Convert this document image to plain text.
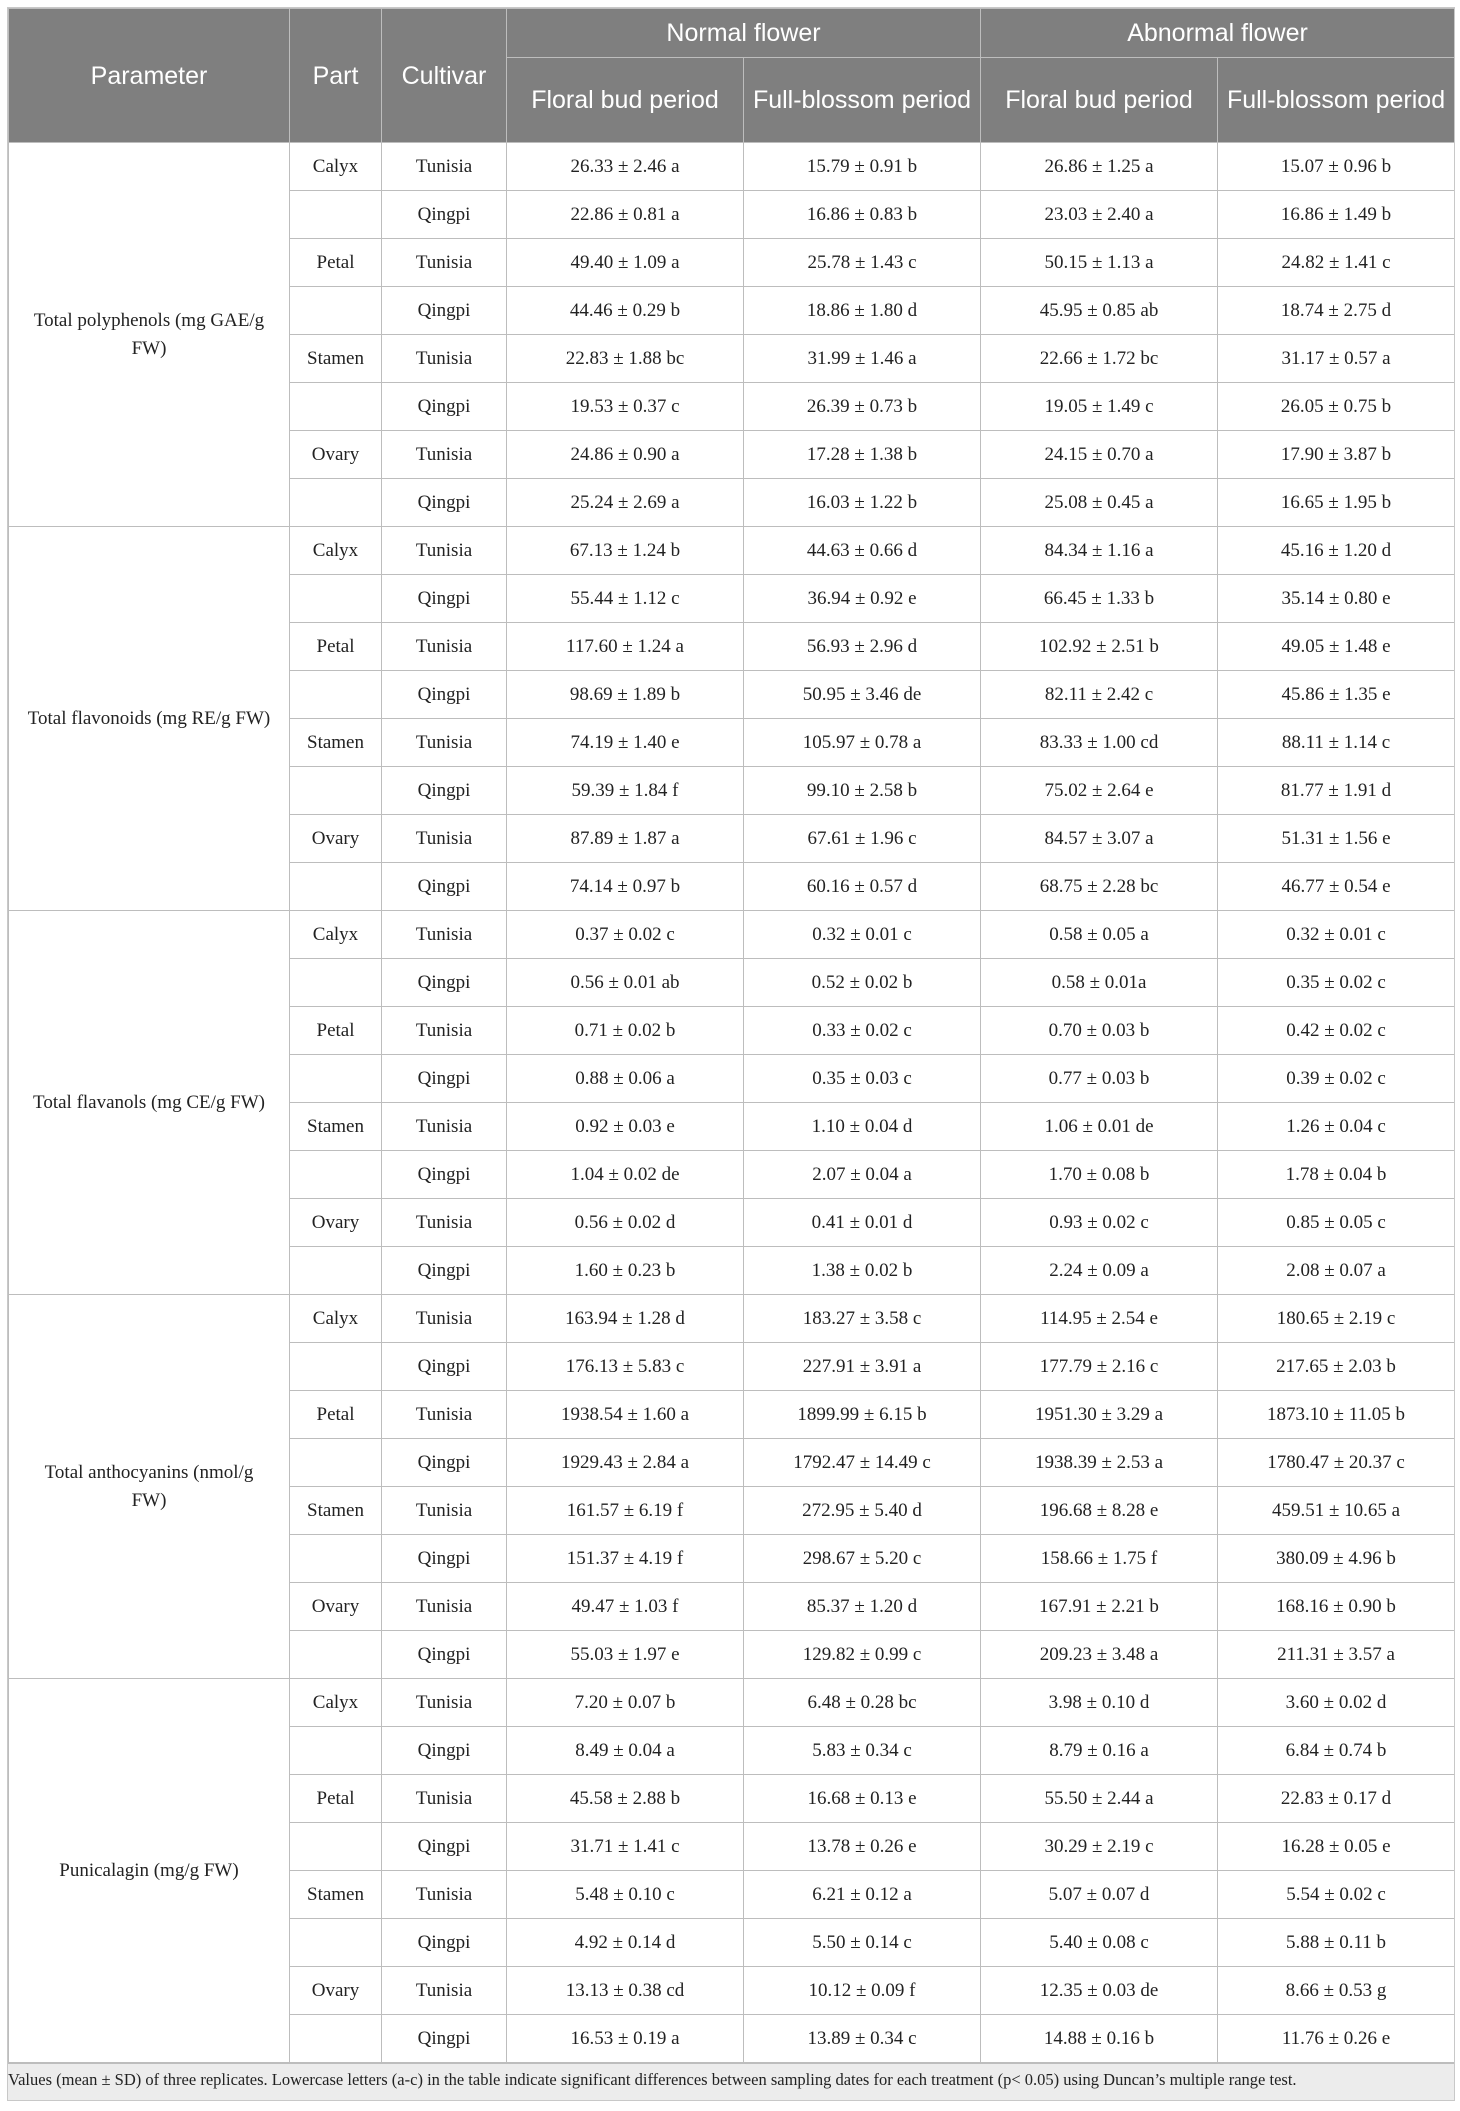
Parameter	Part	Cultivar	Normal flower		Abnormal flower	
			Floral bud period	Full-blossom period	Floral bud period	Full-blossom period
Total polyphenols (mg GAE/g FW)	Calyx	Tunisia	26.33 ± 2.46 a	15.79 ± 0.91 b	26.86 ± 1.25 a	15.07 ± 0.96 b
		Qingpi	22.86 ± 0.81 a	16.86 ± 0.83 b	23.03 ± 2.40 a	16.86 ± 1.49 b
	Petal	Tunisia	49.40 ± 1.09 a	25.78 ± 1.43 c	50.15 ± 1.13 a	24.82 ± 1.41 c
		Qingpi	44.46 ± 0.29 b	18.86 ± 1.80 d	45.95 ± 0.85 ab	18.74 ± 2.75 d
	Stamen	Tunisia	22.83 ± 1.88 bc	31.99 ± 1.46 a	22.66 ± 1.72 bc	31.17 ± 0.57 a
		Qingpi	19.53 ± 0.37 c	26.39 ± 0.73 b	19.05 ± 1.49 c	26.05 ± 0.75 b
	Ovary	Tunisia	24.86 ± 0.90 a	17.28 ± 1.38 b	24.15 ± 0.70 a	17.90 ± 3.87 b
		Qingpi	25.24 ± 2.69 a	16.03 ± 1.22 b	25.08 ± 0.45 a	16.65 ± 1.95 b
Total flavonoids (mg RE/g FW)	Calyx	Tunisia	67.13 ± 1.24 b	44.63 ± 0.66 d	84.34 ± 1.16 a	45.16 ± 1.20 d
		Qingpi	55.44 ± 1.12 c	36.94 ± 0.92 e	66.45 ± 1.33 b	35.14 ± 0.80 e
	Petal	Tunisia	117.60 ± 1.24 a	56.93 ± 2.96 d	102.92 ± 2.51 b	49.05 ± 1.48 e
		Qingpi	98.69 ± 1.89 b	50.95 ± 3.46 de	82.11 ± 2.42 c	45.86 ± 1.35 e
	Stamen	Tunisia	74.19 ± 1.40 e	105.97 ± 0.78 a	83.33 ± 1.00 cd	88.11 ± 1.14 c
		Qingpi	59.39 ± 1.84 f	99.10 ± 2.58 b	75.02 ± 2.64 e	81.77 ± 1.91 d
	Ovary	Tunisia	87.89 ± 1.87 a	67.61 ± 1.96 c	84.57 ± 3.07 a	51.31 ± 1.56 e
		Qingpi	74.14 ± 0.97 b	60.16 ± 0.57 d	68.75 ± 2.28 bc	46.77 ± 0.54 e
Total flavanols (mg CE/g FW)	Calyx	Tunisia	0.37 ± 0.02 c	0.32 ± 0.01 c	0.58 ± 0.05 a	0.32 ± 0.01 c
		Qingpi	0.56 ± 0.01 ab	0.52 ± 0.02 b	0.58 ± 0.01a	0.35 ± 0.02 c
	Petal	Tunisia	0.71 ± 0.02 b	0.33 ± 0.02 c	0.70 ± 0.03 b	0.42 ± 0.02 c
		Qingpi	0.88 ± 0.06 a	0.35 ± 0.03 c	0.77 ± 0.03 b	0.39 ± 0.02 c
	Stamen	Tunisia	0.92 ± 0.03 e	1.10 ± 0.04 d	1.06 ± 0.01 de	1.26 ± 0.04 c
		Qingpi	1.04 ± 0.02 de	2.07 ± 0.04 a	1.70 ± 0.08 b	1.78 ± 0.04 b
	Ovary	Tunisia	0.56 ± 0.02 d	0.41 ± 0.01 d	0.93 ± 0.02 c	0.85 ± 0.05 c
		Qingpi	1.60 ± 0.23 b	1.38 ± 0.02 b	2.24 ± 0.09 a	2.08 ± 0.07 a
Total anthocyanins (nmol/g FW)	Calyx	Tunisia	163.94 ± 1.28 d	183.27 ± 3.58 c	114.95 ± 2.54 e	180.65 ± 2.19 c
		Qingpi	176.13 ± 5.83 c	227.91 ± 3.91 a	177.79 ± 2.16 c	217.65 ± 2.03 b
	Petal	Tunisia	1938.54 ± 1.60 a	1899.99 ± 6.15 b	1951.30 ± 3.29 a	1873.10 ± 11.05 b
		Qingpi	1929.43 ± 2.84 a	1792.47 ± 14.49 c	1938.39 ± 2.53 a	1780.47 ± 20.37 c
	Stamen	Tunisia	161.57 ± 6.19 f	272.95 ± 5.40 d	196.68 ± 8.28 e	459.51 ± 10.65 a
		Qingpi	151.37 ± 4.19 f	298.67 ± 5.20 c	158.66 ± 1.75 f	380.09 ± 4.96 b
	Ovary	Tunisia	49.47 ± 1.03 f	85.37 ± 1.20 d	167.91 ± 2.21 b	168.16 ± 0.90 b
		Qingpi	55.03 ± 1.97 e	129.82 ± 0.99 c	209.23 ± 3.48 a	211.31 ± 3.57 a
Punicalagin (mg/g FW)	Calyx	Tunisia	7.20 ± 0.07 b	6.48 ± 0.28 bc	3.98 ± 0.10 d	3.60 ± 0.02 d
		Qingpi	8.49 ± 0.04 a	5.83 ± 0.34 c	8.79 ± 0.16 a	6.84 ± 0.74 b
	Petal	Tunisia	45.58 ± 2.88 b	16.68 ± 0.13 e	55.50 ± 2.44 a	22.83 ± 0.17 d
		Qingpi	31.71 ± 1.41 c	13.78 ± 0.26 e	30.29 ± 2.19 c	16.28 ± 0.05 e
	Stamen	Tunisia	5.48 ± 0.10 c	6.21 ± 0.12 a	5.07 ± 0.07 d	5.54 ± 0.02 c
		Qingpi	4.92 ± 0.14 d	5.50 ± 0.14 c	5.40 ± 0.08 c	5.88 ± 0.11 b
	Ovary	Tunisia	13.13 ± 0.38 cd	10.12 ± 0.09 f	12.35 ± 0.03 de	8.66 ± 0.53 g
		Qingpi	16.53 ± 0.19 a	13.89 ± 0.34 c	14.88 ± 0.16 b	11.76 ± 0.26 e
Values (mean ± SD) of three replicates. Lowercase letters (a-c) in the table indicate significant differences between sampling dates for each treatment (p< 0.05) using Duncan’s multiple range test.
